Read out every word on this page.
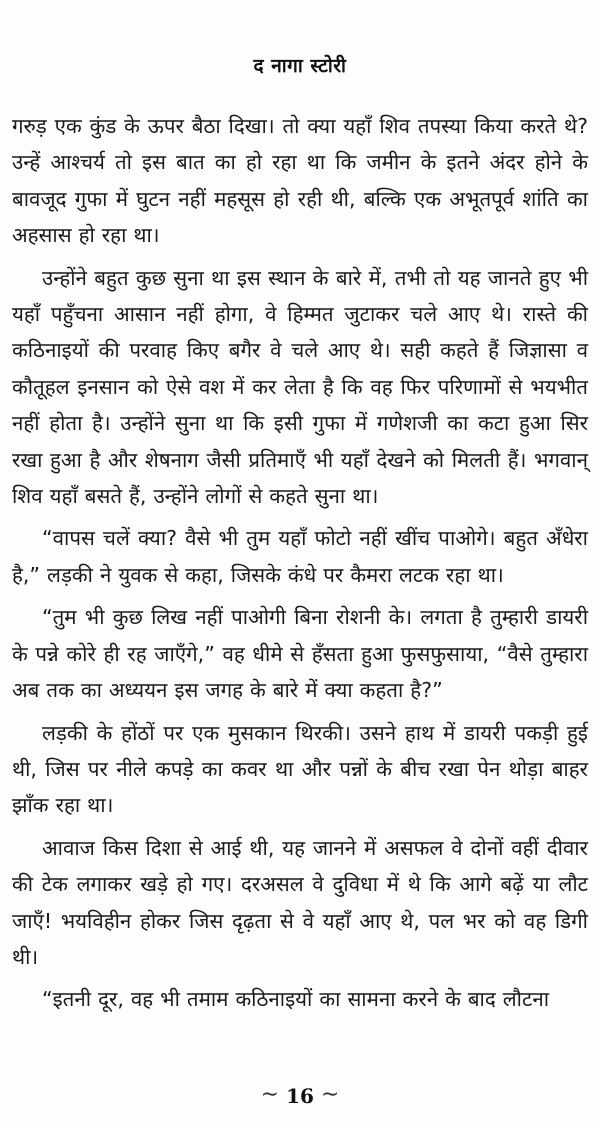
द नागा स्टोरी

गरुड़ एक कुंड के ऊपर बैठा दिखा। तो क्या यहाँ शिव तपस्या किया करते थे? उन्हें आश्चर्य तो इस बात का हो रहा था कि जमीन के इतने अंदर होने के बावजूद गुफा में घुटन नहीं महसूस हो रही थी, बल्कि एक अभूतपूर्व शांति का अहसास हो रहा था।

उन्होंने बहुत कुछ सुना था इस स्थान के बारे में, तभी तो यह जानते हुए भी यहाँ पहुँचना आसान नहीं होगा, वे हिम्मत जुटाकर चले आए थे। रास्ते की कठिनाइयों की परवाह किए बगैर वे चले आए थे। सही कहते हैं जिज्ञासा व कौतूहल इनसान को ऐसे वश में कर लेता है कि वह फिर परिणामों से भयभीत नहीं होता है। उन्होंने सुना था कि इसी गुफा में गणेशजी का कटा हुआ सिर रखा हुआ है और शेषनाग जैसी प्रतिमाएँ भी यहाँ देखने को मिलती हैं। भगवान् शिव यहाँ बसते हैं, उन्होंने लोगों से कहते सुना था।

“वापस चलें क्या? वैसे भी तुम यहाँ फोटो नहीं खींच पाओगे। बहुत अँधेरा है,” लड़की ने युवक से कहा, जिसके कंधे पर कैमरा लटक रहा था।

“तुम भी कुछ लिख नहीं पाओगी बिना रोशनी के। लगता है तुम्हारी डायरी के पन्ने कोरे ही रह जाएँगे,” वह धीमे से हँसता हुआ फुसफुसाया, “वैसे तुम्हारा अब तक का अध्ययन इस जगह के बारे में क्या कहता है?”

लड़की के होंठों पर एक मुसकान थिरकी। उसने हाथ में डायरी पकड़ी हुई थी, जिस पर नीले कपड़े का कवर था और पन्नों के बीच रखा पेन थोड़ा बाहर झाँक रहा था।

आवाज किस दिशा से आई थी, यह जानने में असफल वे दोनों वहीं दीवार की टेक लगाकर खड़े हो गए। दरअसल वे दुविधा में थे कि आगे बढ़ें या लौट जाएँ! भयविहीन होकर जिस दृढ़ता से वे यहाँ आए थे, पल भर को वह डिगी थी।

“इतनी दूर, वह भी तमाम कठिनाइयों का सामना करने के बाद लौटना

∼ 16 ∼
